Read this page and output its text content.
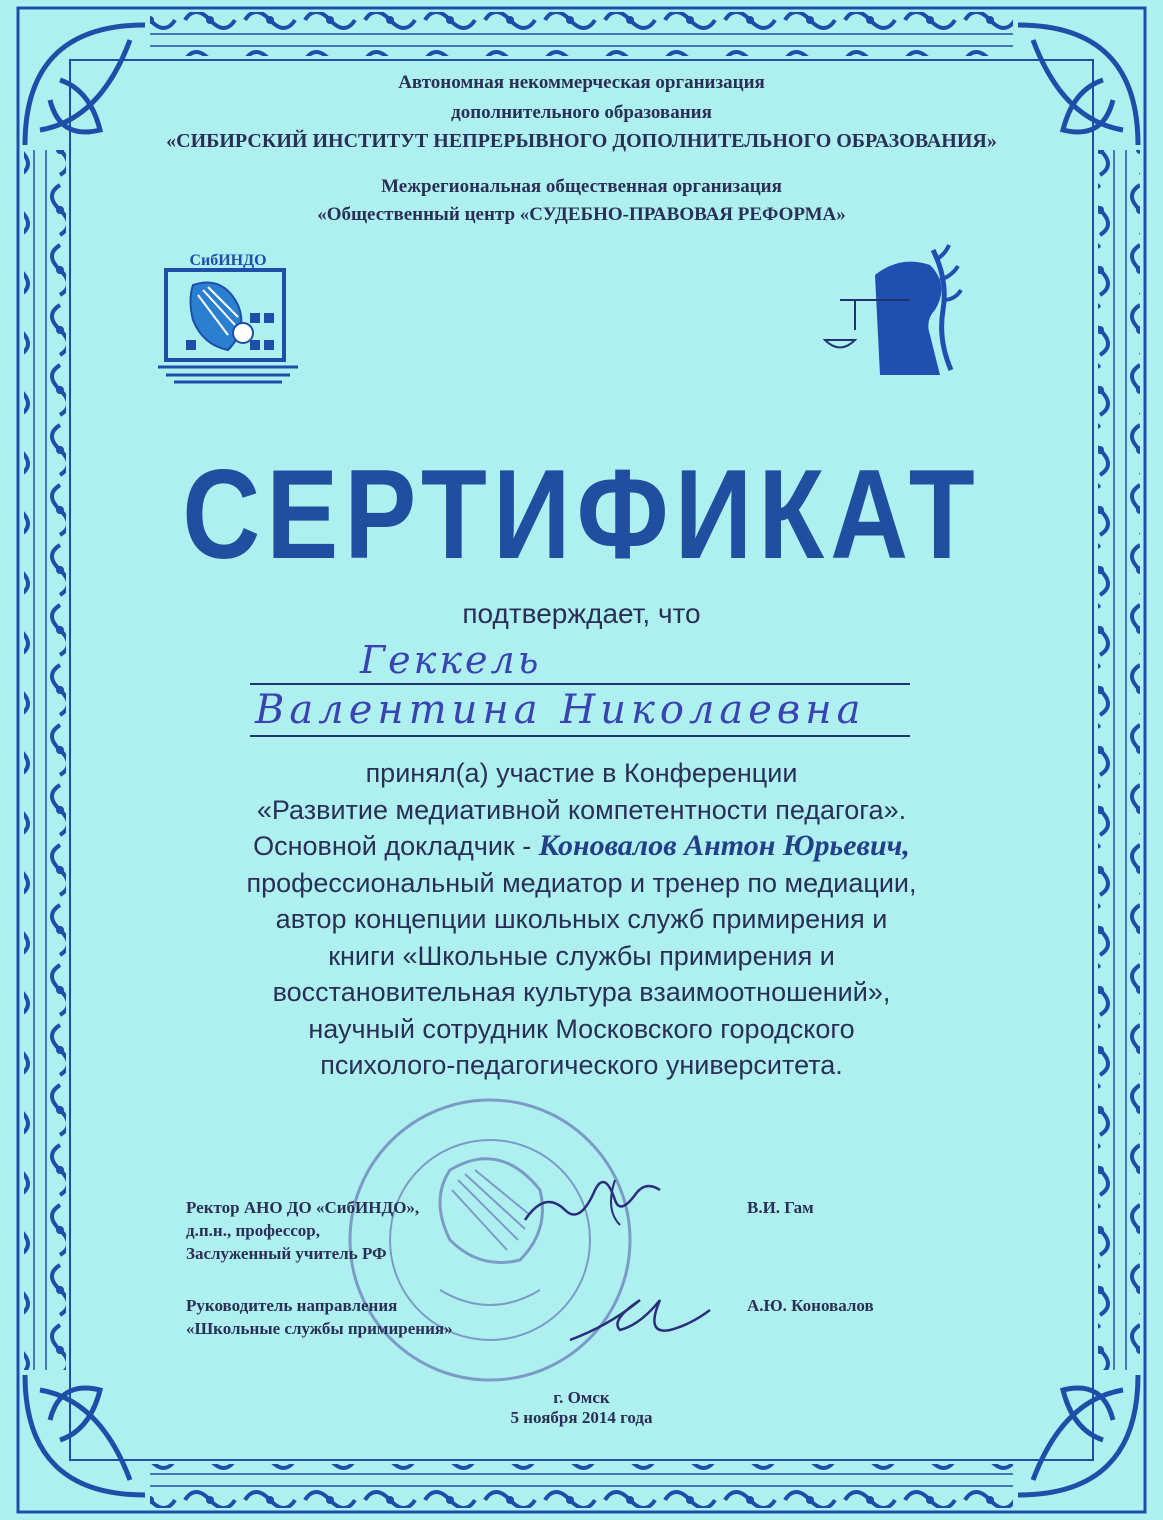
Автономная некоммерческая организация
дополнительного образования
«СИБИРСКИЙ ИНСТИТУТ НЕПРЕРЫВНОГО ДОПОЛНИТЕЛЬНОГО ОБРАЗОВАНИЯ»
Межрегиональная общественная организация
«Общественный центр «СУДЕБНО-ПРАВОВАЯ РЕФОРМА»
СибИНДО
СЕРТИФИКАТ
подтверждает, что
Геккель
Валентина Николаевна
принял(а) участие в Конференции
«Развитие медиативной компетентности педагога».
Основной докладчик - Коновалов Антон Юрьевич,
профессиональный медиатор и тренер по медиации,
автор концепции школьных служб примирения и
книги «Школьные службы примирения и
восстановительная культура взаимоотношений»,
научный сотрудник Московского городского
психолого-педагогического университета.
Ректор АНО ДО «СибИНДО»,
д.п.н., профессор,
Заслуженный учитель РФ
В.И. Гам
Руководитель направления
«Школьные службы примирения»
А.Ю. Коновалов
г. Омск
5 ноября 2014 года
